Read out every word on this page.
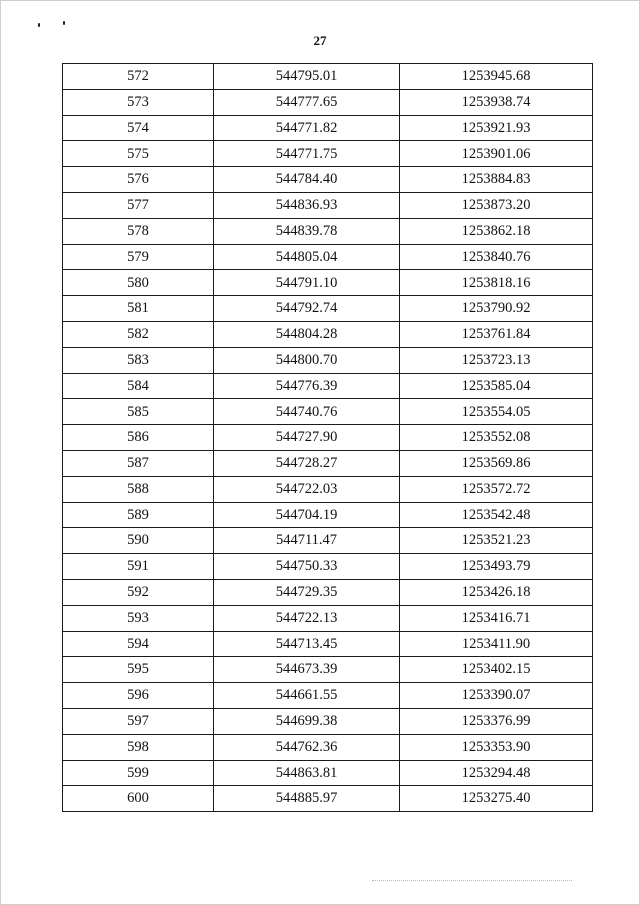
27
572	544795.01	1253945.68
573	544777.65	1253938.74
574	544771.82	1253921.93
575	544771.75	1253901.06
576	544784.40	1253884.83
577	544836.93	1253873.20
578	544839.78	1253862.18
579	544805.04	1253840.76
580	544791.10	1253818.16
581	544792.74	1253790.92
582	544804.28	1253761.84
583	544800.70	1253723.13
584	544776.39	1253585.04
585	544740.76	1253554.05
586	544727.90	1253552.08
587	544728.27	1253569.86
588	544722.03	1253572.72
589	544704.19	1253542.48
590	544711.47	1253521.23
591	544750.33	1253493.79
592	544729.35	1253426.18
593	544722.13	1253416.71
594	544713.45	1253411.90
595	544673.39	1253402.15
596	544661.55	1253390.07
597	544699.38	1253376.99
598	544762.36	1253353.90
599	544863.81	1253294.48
600	544885.97	1253275.40
